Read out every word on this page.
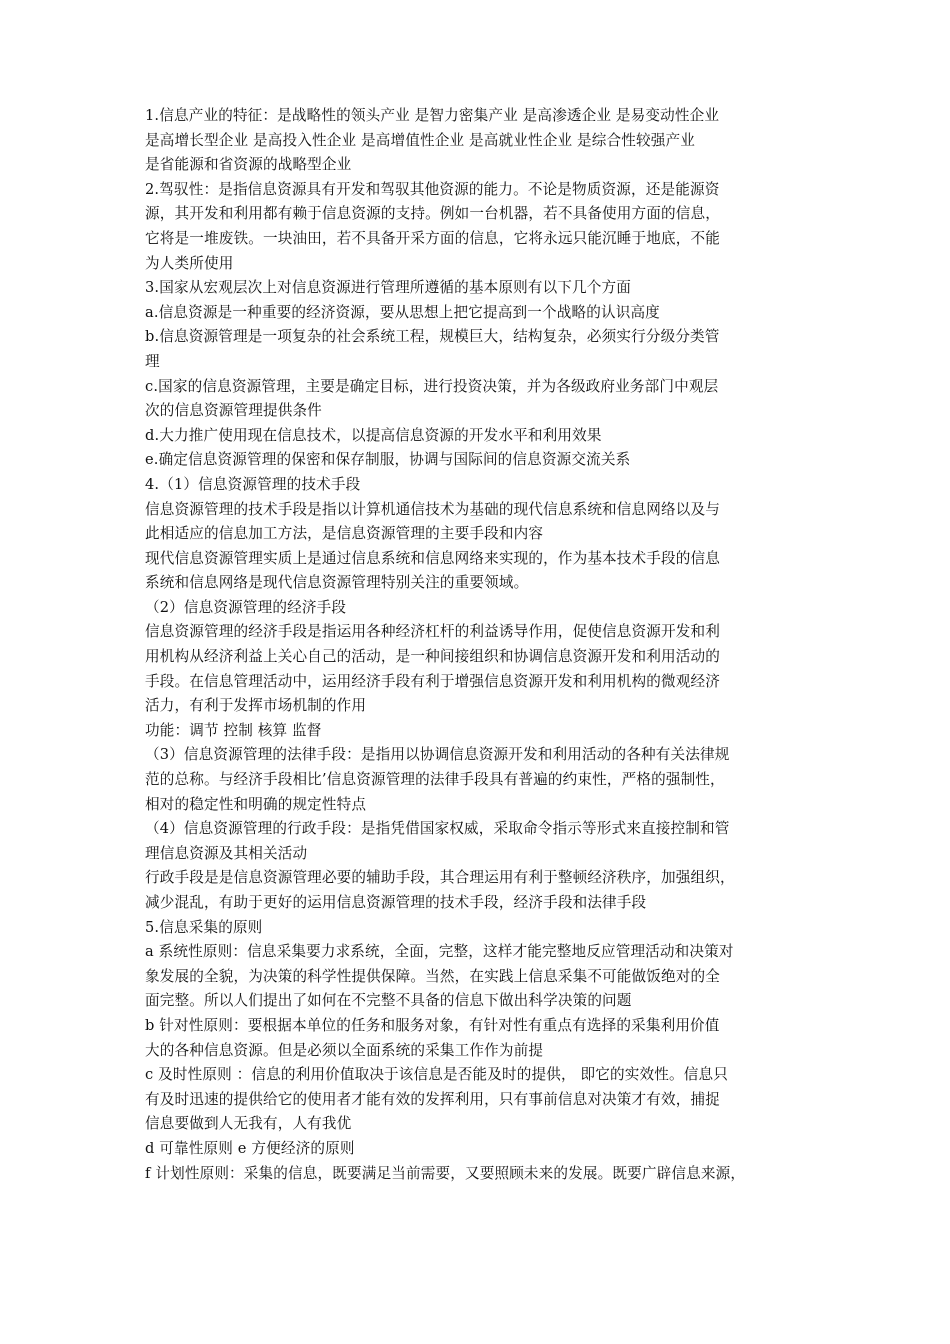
1.信息产业的特征：是战略性的领头产业 是智力密集产业 是高渗透企业 是易变动性企业
是高增长型企业 是高投入性企业 是高增值性企业 是高就业性企业 是综合性较强产业
是省能源和省资源的战略型企业
2.驾驭性：是指信息资源具有开发和驾驭其他资源的能力。不论是物质资源，还是能源资
源，其开发和利用都有赖于信息资源的支持。例如一台机器，若不具备使用方面的信息，
它将是一堆废铁。一块油田，若不具备开采方面的信息，它将永远只能沉睡于地底，不能
为人类所使用
3.国家从宏观层次上对信息资源进行管理所遵循的基本原则有以下几个方面
a.信息资源是一种重要的经济资源，要从思想上把它提高到一个战略的认识高度
b.信息资源管理是一项复杂的社会系统工程，规模巨大，结构复杂，必须实行分级分类管
理
c.国家的信息资源管理，主要是确定目标，进行投资决策，并为各级政府业务部门中观层
次的信息资源管理提供条件
d.大力推广使用现在信息技术，以提高信息资源的开发水平和利用效果
e.确定信息资源管理的保密和保存制服，协调与国际间的信息资源交流关系
4.（1）信息资源管理的技术手段
信息资源管理的技术手段是指以计算机通信技术为基础的现代信息系统和信息网络以及与
此相适应的信息加工方法，是信息资源管理的主要手段和内容
现代信息资源管理实质上是通过信息系统和信息网络来实现的，作为基本技术手段的信息
系统和信息网络是现代信息资源管理特别关注的重要领域。
（2）信息资源管理的经济手段
信息资源管理的经济手段是指运用各种经济杠杆的利益诱导作用，促使信息资源开发和利
用机构从经济利益上关心自己的活动，是一种间接组织和协调信息资源开发和利用活动的
手段。在信息管理活动中，运用经济手段有利于增强信息资源开发和利用机构的微观经济
活力，有利于发挥市场机制的作用
功能：调节 控制 核算 监督
（3）信息资源管理的法律手段：是指用以协调信息资源开发和利用活动的各种有关法律规
范的总称。与经济手段相比’信息资源管理的法律手段具有普遍的约束性，严格的强制性，
相对的稳定性和明确的规定性特点
（4）信息资源管理的行政手段：是指凭借国家权威，采取命令指示等形式来直接控制和管
理信息资源及其相关活动
行政手段是是信息资源管理必要的辅助手段，其合理运用有利于整顿经济秩序，加强组织，
减少混乱，有助于更好的运用信息资源管理的技术手段，经济手段和法律手段
5.信息采集的原则
a 系统性原则：信息采集要力求系统，全面，完整，这样才能完整地反应管理活动和决策对
象发展的全貌，为决策的科学性提供保障。当然，在实践上信息采集不可能做饭绝对的全
面完整。所以人们提出了如何在不完整不具备的信息下做出科学决策的问题
b 针对性原则：要根据本单位的任务和服务对象，有针对性有重点有选择的采集利用价值
大的各种信息资源。但是必须以全面系统的采集工作作为前提
c 及时性原则 ：信息的利用价值取决于该信息是否能及时的提供， 即它的实效性。信息只
有及时迅速的提供给它的使用者才能有效的发挥利用，只有事前信息对决策才有效，捕捉
信息要做到人无我有，人有我优
d 可靠性原则 e 方便经济的原则
f 计划性原则：采集的信息，既要满足当前需要，又要照顾未来的发展。既要广辟信息来源，
